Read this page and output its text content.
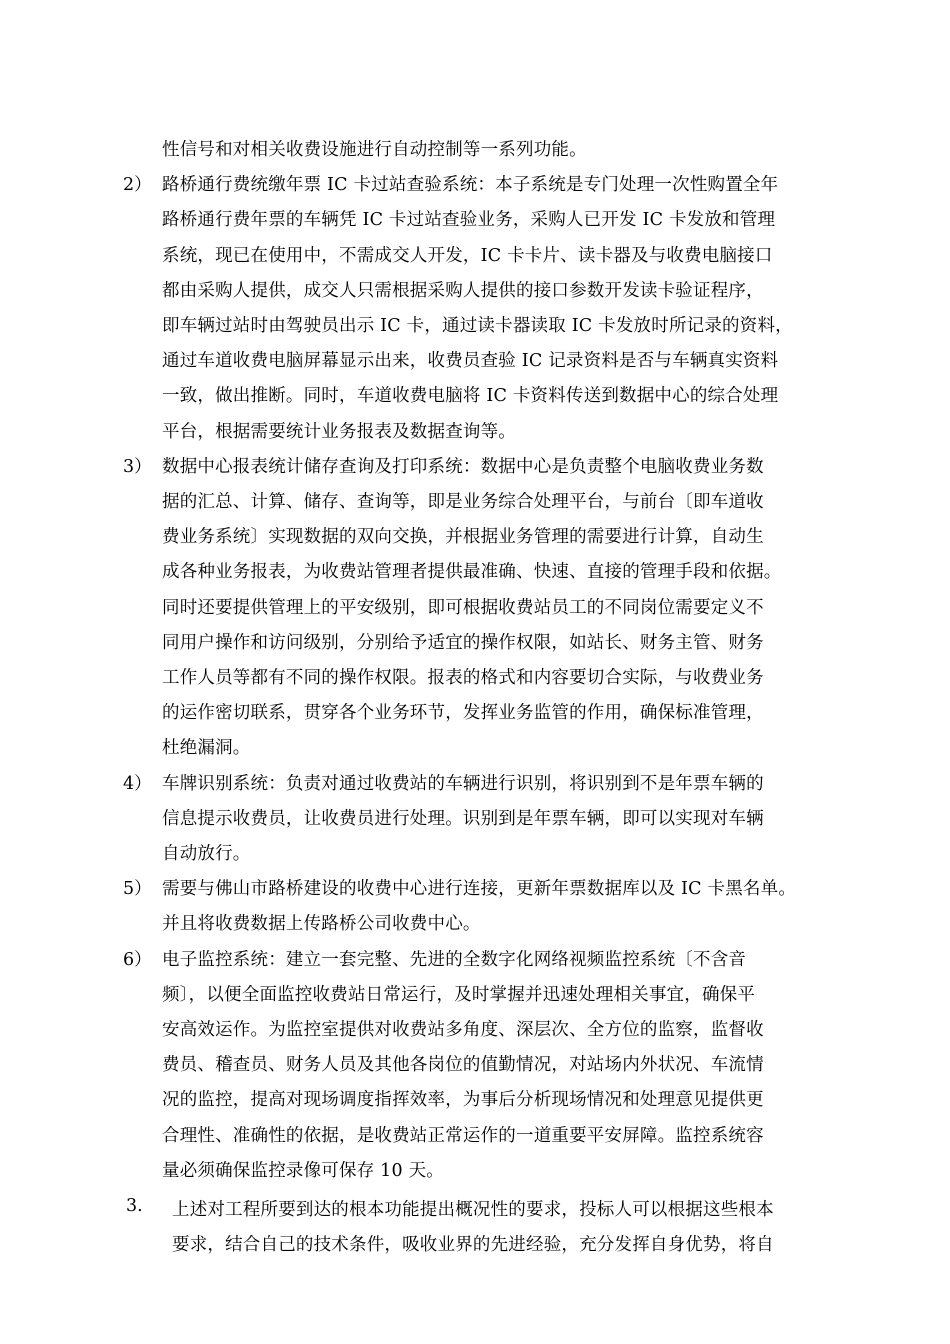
性信号和对相关收费设施进行自动控制等一系列功能。
2） 路桥通行费统缴年票 IC 卡过站查验系统：本子系统是专门处理一次性购置全年
路桥通行费年票的车辆凭 IC 卡过站查验业务，采购人已开发 IC 卡发放和管理
系统，现已在使用中，不需成交人开发，IC 卡卡片、读卡器及与收费电脑接口
都由采购人提供，成交人只需根据采购人提供的接口参数开发读卡验证程序，
即车辆过站时由驾驶员出示 IC 卡，通过读卡器读取 IC 卡发放时所记录的资料，
通过车道收费电脑屏幕显示出来，收费员查验 IC 记录资料是否与车辆真实资料
一致，做出推断。同时，车道收费电脑将 IC 卡资料传送到数据中心的综合处理
平台，根据需要统计业务报表及数据查询等。
3） 数据中心报表统计储存查询及打印系统：数据中心是负责整个电脑收费业务数
据的汇总、计算、储存、查询等，即是业务综合处理平台，与前台〔即车道收
费业务系统〕实现数据的双向交换，并根据业务管理的需要进行计算，自动生
成各种业务报表，为收费站管理者提供最准确、快速、直接的管理手段和依据。
同时还要提供管理上的平安级别，即可根据收费站员工的不同岗位需要定义不
同用户操作和访问级别，分别给予适宜的操作权限，如站长、财务主管、财务
工作人员等都有不同的操作权限。报表的格式和内容要切合实际，与收费业务
的运作密切联系，贯穿各个业务环节，发挥业务监管的作用，确保标准管理，
杜绝漏洞。
4） 车牌识别系统：负责对通过收费站的车辆进行识别，将识别到不是年票车辆的
信息提示收费员，让收费员进行处理。识别到是年票车辆，即可以实现对车辆
自动放行。
5） 需要与佛山市路桥建设的收费中心进行连接，更新年票数据库以及 IC 卡黑名单。
并且将收费数据上传路桥公司收费中心。
6） 电子监控系统：建立一套完整、先进的全数字化网络视频监控系统〔不含音
频〕，以便全面监控收费站日常运行，及时掌握并迅速处理相关事宜，确保平
安高效运作。为监控室提供对收费站多角度、深层次、全方位的监察，监督收
费员、稽查员、财务人员及其他各岗位的值勤情况，对站场内外状况、车流情
况的监控，提高对现场调度指挥效率，为事后分析现场情况和处理意见提供更
合理性、准确性的依据，是收费站正常运作的一道重要平安屏障。监控系统容
量必须确保监控录像可保存 10 天。
3. 上述对工程所要到达的根本功能提出概况性的要求，投标人可以根据这些根本
要求，结合自己的技术条件，吸收业界的先进经验，充分发挥自身优势，将自
